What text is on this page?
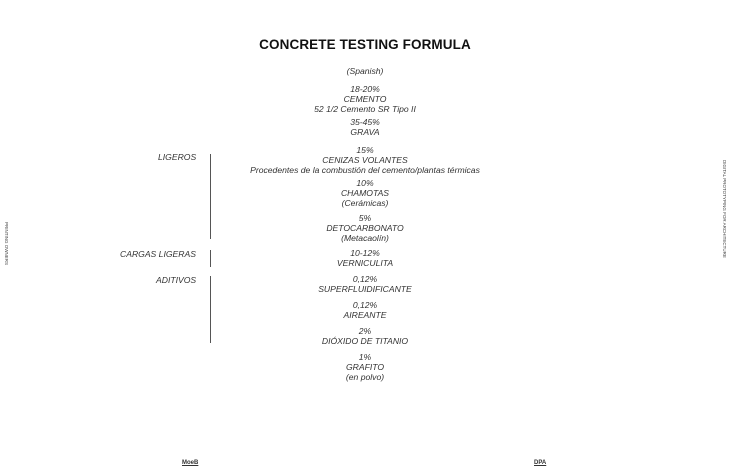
CONCRETE TESTING FORMULA
(Spanish)
18-20%
CEMENTO
52 1/2 Cemento SR Tipo II
35-45%
GRAVA
15%
CENIZAS VOLANTES
Procedentes de la combustión del cemento/plantas térmicas
10%
CHAMOTAS
(Cerámicas)
5%
DETOCARBONATO
(Metacaolín)
10-12%
VERNICULITA
0,12%
SUPERFLUIDIFICANTE
0,12%
AIREANTE
2%
DIÓXIDO DE TITANIO
1%
GRAFITO
(en polvo)
LIGEROS
CARGAS LIGERAS
ADITIVOS
PRINTING OWNERS	DIGITAL PROTOTYPING FOR ARCHITECTURE
MoeB	DPA
